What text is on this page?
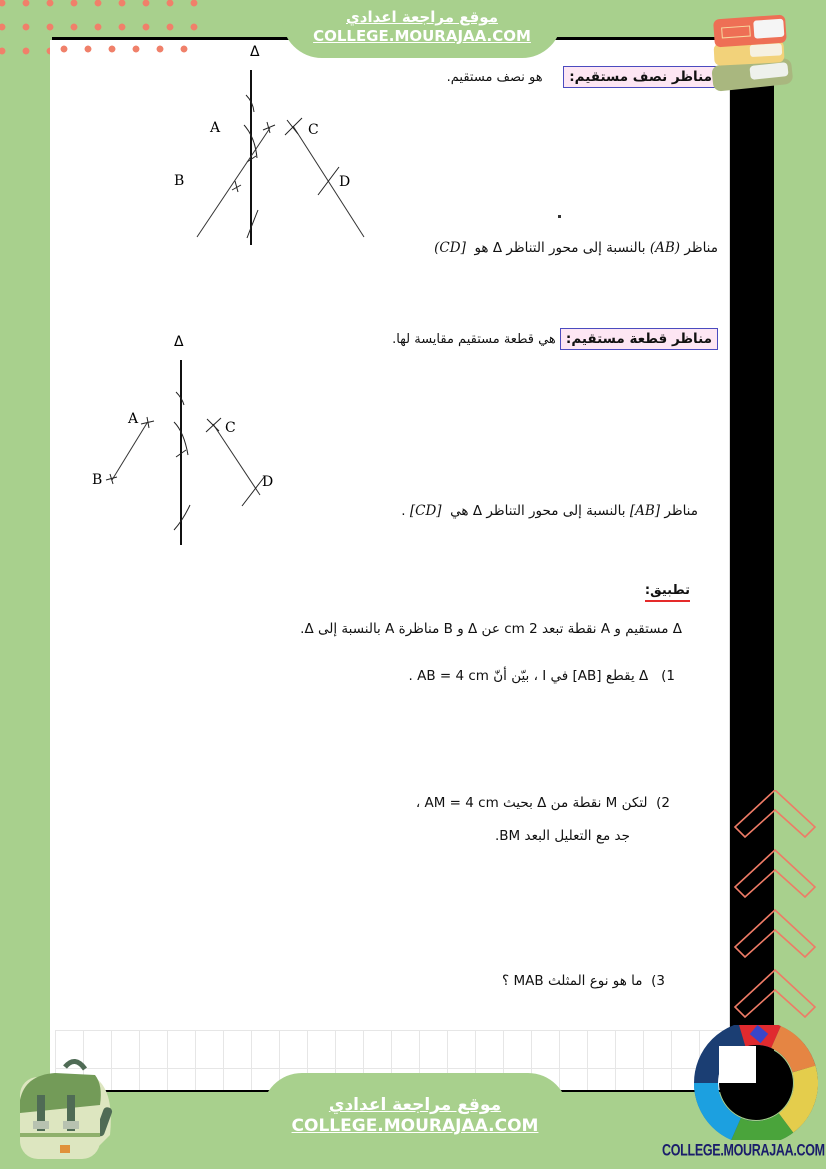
مناظر نصف مستقيم:     هو نصف مستقيم.
Δ
A
B
C
D
مناظر (AB) بالنسبة إلى محور التناظر Δ هو  [CD)
مناظر قطعة مستقيم: هي قطعة مستقيم مقايسة لها.
Δ
A
B
C
D
مناظر [AB] بالنسبة إلى محور التناظر Δ هي  [CD] .
تطبيق:
Δ مستقيم و A نقطة تبعد 2 cm عن Δ و B مناظرة A بالنسبة إلى Δ.
1)   Δ يقطع [AB] في I ، بيّن أنّ AB = 4 cm .
2)  لتكن M نقطة من Δ بحيث AM = 4 cm ،
جد مع التعليل البعد BM.
3)  ما هو نوع المثلث MAB ؟
موقع مراجعة اعدادي
COLLEGE.MOURAJAA.COM
موقع مراجعة اعدادي
COLLEGE.MOURAJAA.COM
COLLEGE.MOURAJAA.COM
